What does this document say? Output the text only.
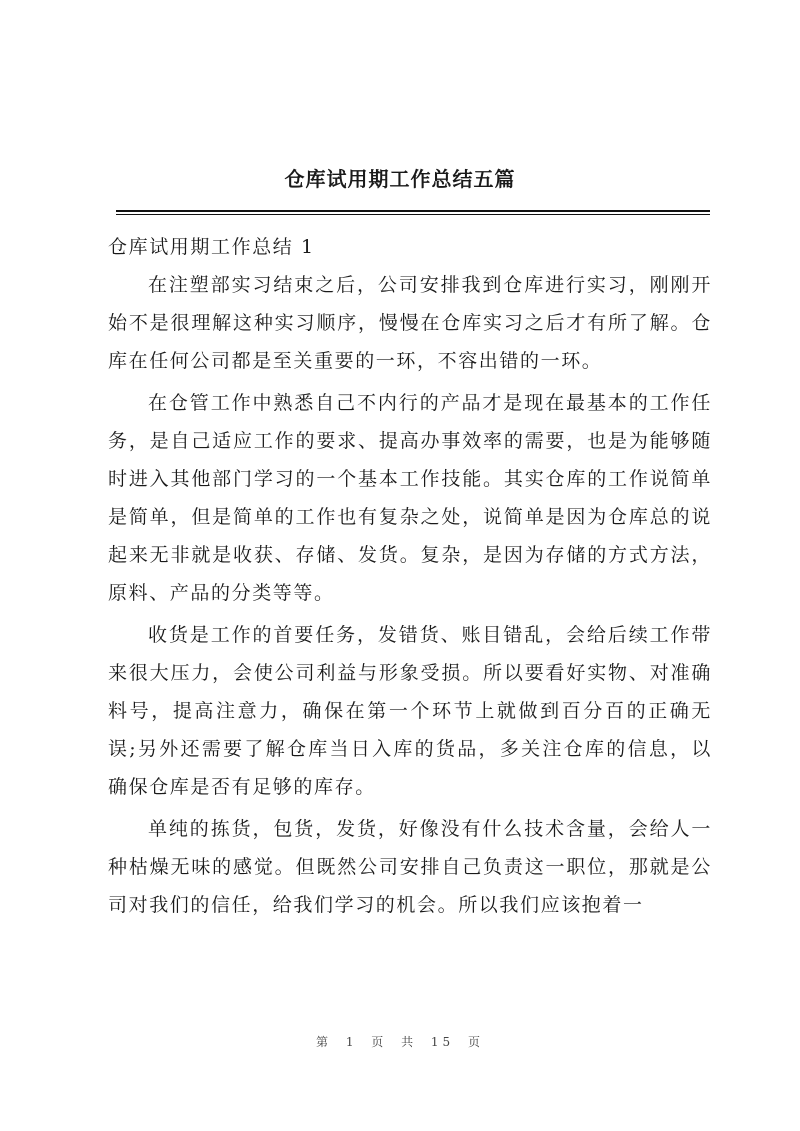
仓库试用期工作总结五篇
仓库试用期工作总结 1

在注塑部实习结束之后，公司安排我到仓库进行实习，刚刚开始不是很理解这种实习顺序，慢慢在仓库实习之后才有所了解。仓库在任何公司都是至关重要的一环，不容出错的一环。

在仓管工作中熟悉自己不内行的产品才是现在最基本的工作任务，是自己适应工作的要求、提高办事效率的需要，也是为能够随时进入其他部门学习的一个基本工作技能。其实仓库的工作说简单是简单，但是简单的工作也有复杂之处，说简单是因为仓库总的说起来无非就是收获、存储、发货。复杂，是因为存储的方式方法，原料、产品的分类等等。

收货是工作的首要任务，发错货、账目错乱，会给后续工作带来很大压力，会使公司利益与形象受损。所以要看好实物、对准确料号，提高注意力，确保在第一个环节上就做到百分百的正确无误;另外还需要了解仓库当日入库的货品，多关注仓库的信息，以确保仓库是否有足够的库存。

单纯的拣货，包货，发货，好像没有什么技术含量，会给人一种枯燥无味的感觉。但既然公司安排自己负责这一职位，那就是公司对我们的信任，给我们学习的机会。所以我们应该抱着一

第 1 页 共 15 页
